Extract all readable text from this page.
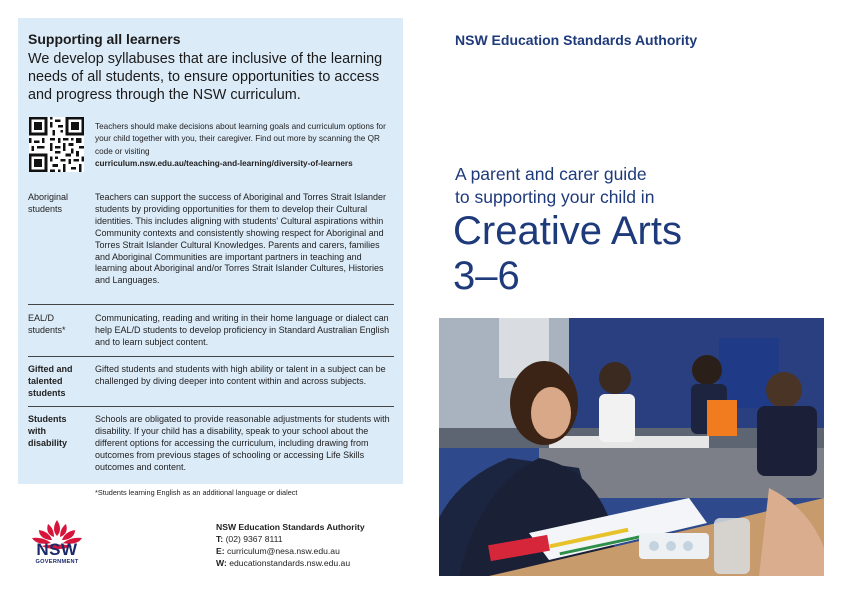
Supporting all learners
We develop syllabuses that are inclusive of the learning needs of all students, to ensure opportunities to access and progress through the NSW curriculum.
Teachers should make decisions about learning goals and curriculum options for your child together with you, their caregiver. Find out more by scanning the QR code or visiting
curriculum.nsw.edu.au/teaching-and-learning/diversity-of-learners
Aboriginal students
Teachers can support the success of Aboriginal and Torres Strait Islander students by providing opportunities for them to develop their Cultural identities. This includes aligning with students' Cultural aspirations within Community contexts and consistently showing respect for Aboriginal and Torres Strait Islander Cultural Knowledges. Parents and carers, families and Aboriginal Communities are important partners in teaching and learning about Aboriginal and/or Torres Strait Islander Cultures, Histories and Languages.
EAL/D students*
Communicating, reading and writing in their home language or dialect can help EAL/D students to develop proficiency in Standard Australian English and to learn subject content.
Gifted and talented students
Gifted students and students with high ability or talent in a subject can be challenged by diving deeper into content within and across subjects.
Students with disability
Schools are obligated to provide reasonable adjustments for students with disability. If your child has a disability, speak to your school about the different options for accessing the curriculum, including drawing from outcomes from previous stages of schooling or accessing Life Skills outcomes and content.
*Students learning English as an additional language or dialect
NSW
GOVERNMENT
NSW Education Standards Authority
T: (02) 9367 8111
E: curriculum@nesa.nsw.edu.au
W: educationstandards.nsw.edu.au
NSW Education Standards Authority
A parent and carer guide
to supporting your child in
Creative Arts
3–6
